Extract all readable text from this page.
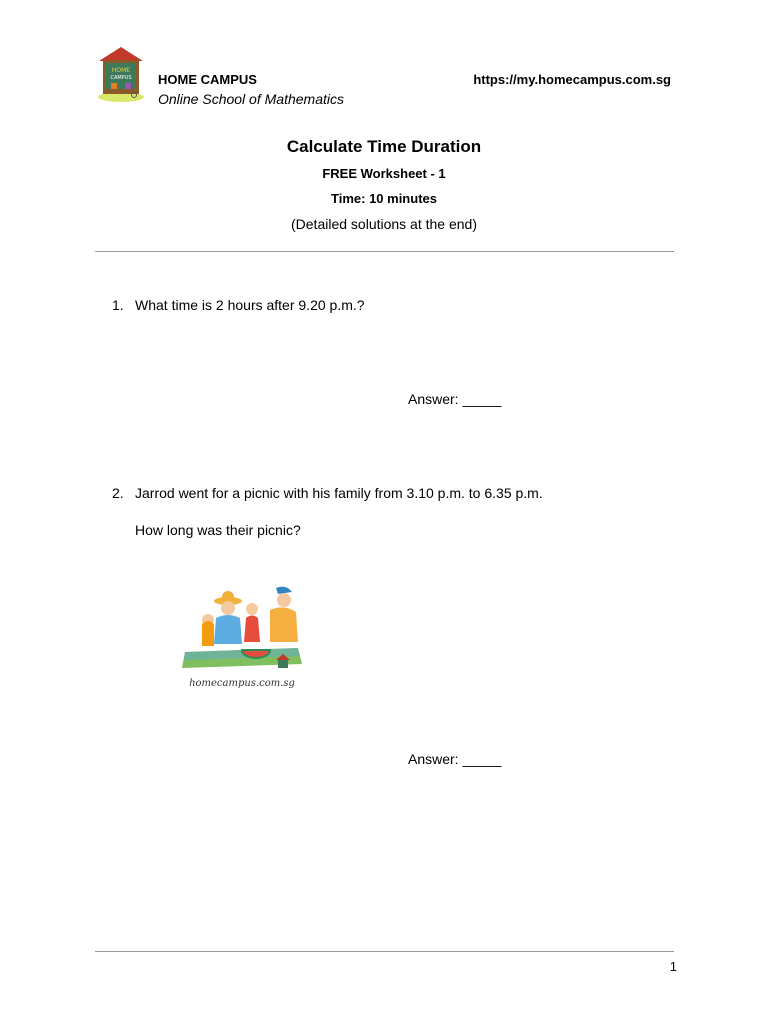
HOME
CAMPUS HOME CAMPUS
Online School of Mathematics
https://my.homecampus.com.sg
Calculate Time Duration
FREE Worksheet - 1
Time: 10 minutes
(Detailed solutions at the end)
1. What time is 2 hours after 9.20 p.m.?
Answer: _____
2. Jarrod went for a picnic with his family from 3.10 p.m. to 6.35 p.m.
How long was their picnic?
homecampus.com.sg
Answer: _____
1
